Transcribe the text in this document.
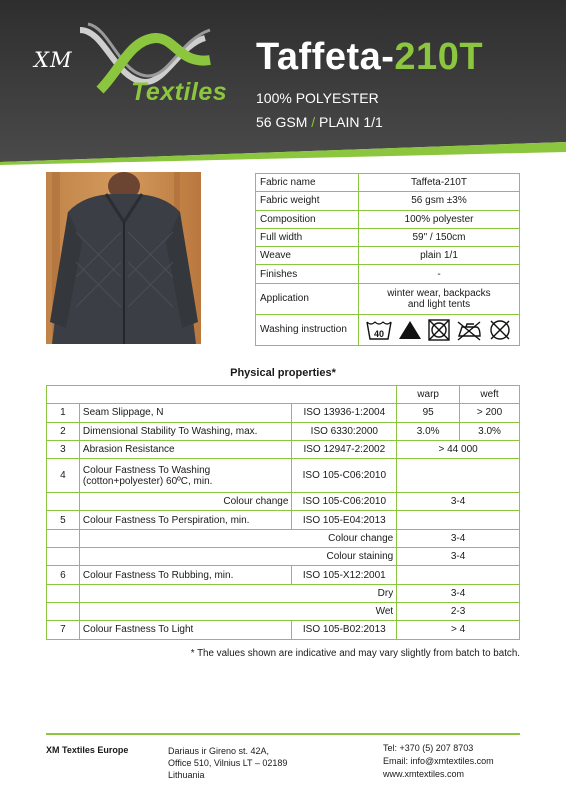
XM
Textiles
Taffeta-210T
100% POLYESTER
56 GSM / PLAIN 1/1
Fabric name	Taffeta-210T
Fabric weight	56 gsm ±3%
Composition	100% polyester
Full width	59" / 150cm
Weave	plain 1/1
Finishes	-
Application	winter wear, backpacks
and light tents

Washing instruction	40
Physical properties*
			warp	weft
1	Seam Slippage, N	ISO 13936-1:2004	95	> 200
2	Dimensional Stability To Washing, max.	ISO 6330:2000	3.0%	3.0%
3	Abrasion Resistance	ISO 12947-2:2002	> 44 000	
4	Colour Fastness To Washing
(cotton+polyester) 60ºC, min.	ISO 105-C06:2010		
	Colour change	ISO 105-C06:2010	3-4	
5	Colour Fastness To Perspiration, min.	ISO 105-E04:2013		
	Colour change		3-4	
	Colour staining		3-4	
6	Colour Fastness To Rubbing, min.	ISO 105-X12:2001		
	Dry		3-4	
	Wet		2-3	
7	Colour Fastness To Light	ISO 105-B02:2013	> 4	
* The values shown are indicative and may vary slightly from batch to batch.
XM Textiles Europe	Dariaus ir Gireno st. 42A,
Office 510, Vilnius LT – 02189
Lithuania
Tel: +370 (5) 207 8703
Email: info@xmtextiles.com
www.xmtextiles.com
